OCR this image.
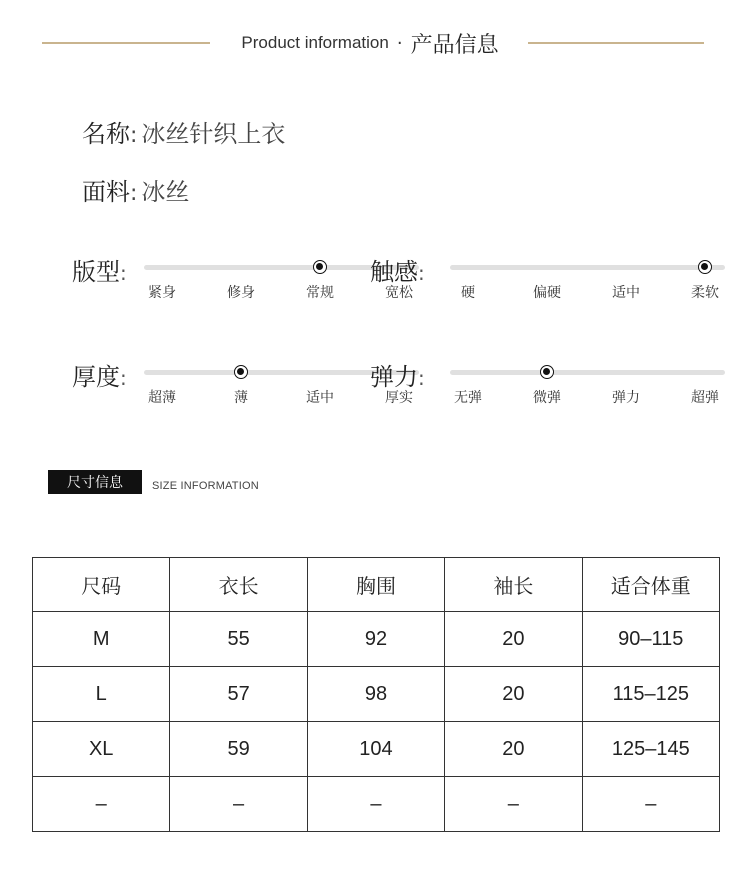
Product information · 产品信息
名称 : 冰丝针织上衣
面料 : 冰丝
版型:
紧身	修身	常规	宽松
触感:
硬	偏硬	适中	柔软
厚度:
超薄	薄	适中	厚实
弹力:
无弹	微弹	弹力	超弹
尺寸信息	SIZE INFORMATION
尺码	衣长	胸围	袖长	适合体重
M	55	92	20	90–115
L	57	98	20	115–125
XL	59	104	20	125–145
–	–	–	–	–
